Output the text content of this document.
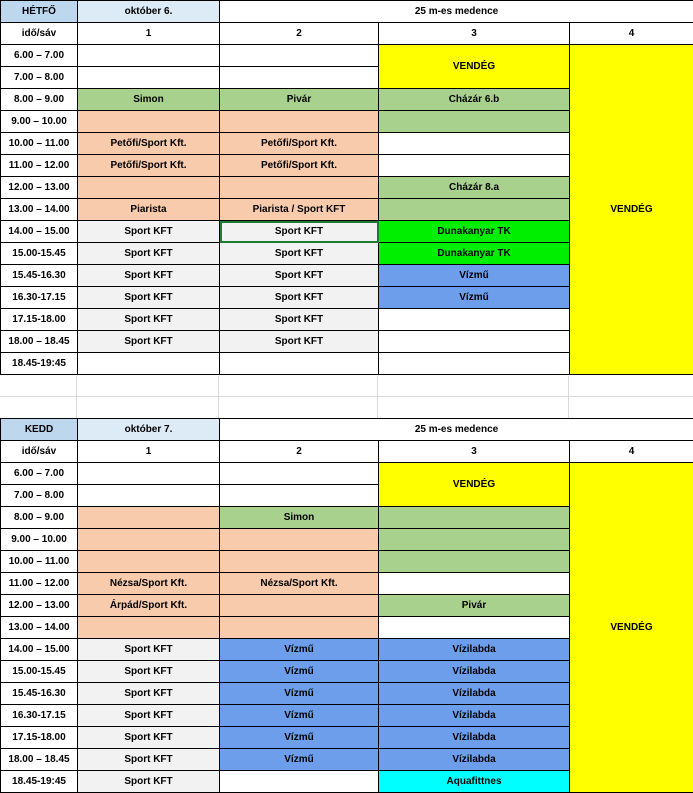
HÉTFŐ	október 6.	25 m-es medence		
idő/sáv	1	2	3	4
6.00 – 7.00			VENDÉG	VENDÉG
7.00 – 8.00				
8.00 – 9.00	Simon	Pivár	Cházár 6.b	
9.00 – 10.00				
10.00 – 11.00	Petőfi/Sport Kft.	Petőfi/Sport Kft.		
11.00 – 12.00	Petőfi/Sport Kft.	Petőfi/Sport Kft.		
12.00 – 13.00			Cházár 8.a	
13.00 – 14.00	Piarista	Piarista / Sport KFT		
14.00 – 15.00	Sport KFT	Sport KFT	Dunakanyar TK	
15.00-15.45	Sport KFT	Sport KFT	Dunakanyar TK	
15.45-16.30	Sport KFT	Sport KFT	Vízmű	
16.30-17.15	Sport KFT	Sport KFT	Vízmű	
17.15-18.00	Sport KFT	Sport KFT		
18.00 – 18.45	Sport KFT	Sport KFT		
18.45-19:45				
KEDD	október 7.	25 m-es medence		
idő/sáv	1	2	3	4
6.00 – 7.00			VENDÉG	VENDÉG
7.00 – 8.00				
8.00 – 9.00		Simon		
9.00 – 10.00				
10.00 – 11.00				
11.00 – 12.00	Nézsa/Sport Kft.	Nézsa/Sport Kft.		
12.00 – 13.00	Árpád/Sport Kft.		Pivár	
13.00 – 14.00				
14.00 – 15.00	Sport KFT	Vízmű	Vízilabda	
15.00-15.45	Sport KFT	Vízmű	Vízilabda	
15.45-16.30	Sport KFT	Vízmű	Vízilabda	
16.30-17.15	Sport KFT	Vízmű	Vízilabda	
17.15-18.00	Sport KFT	Vízmű	Vízilabda	
18.00 – 18.45	Sport KFT	Vízmű	Vízilabda	
18.45-19:45	Sport KFT		Aquafittnes	
